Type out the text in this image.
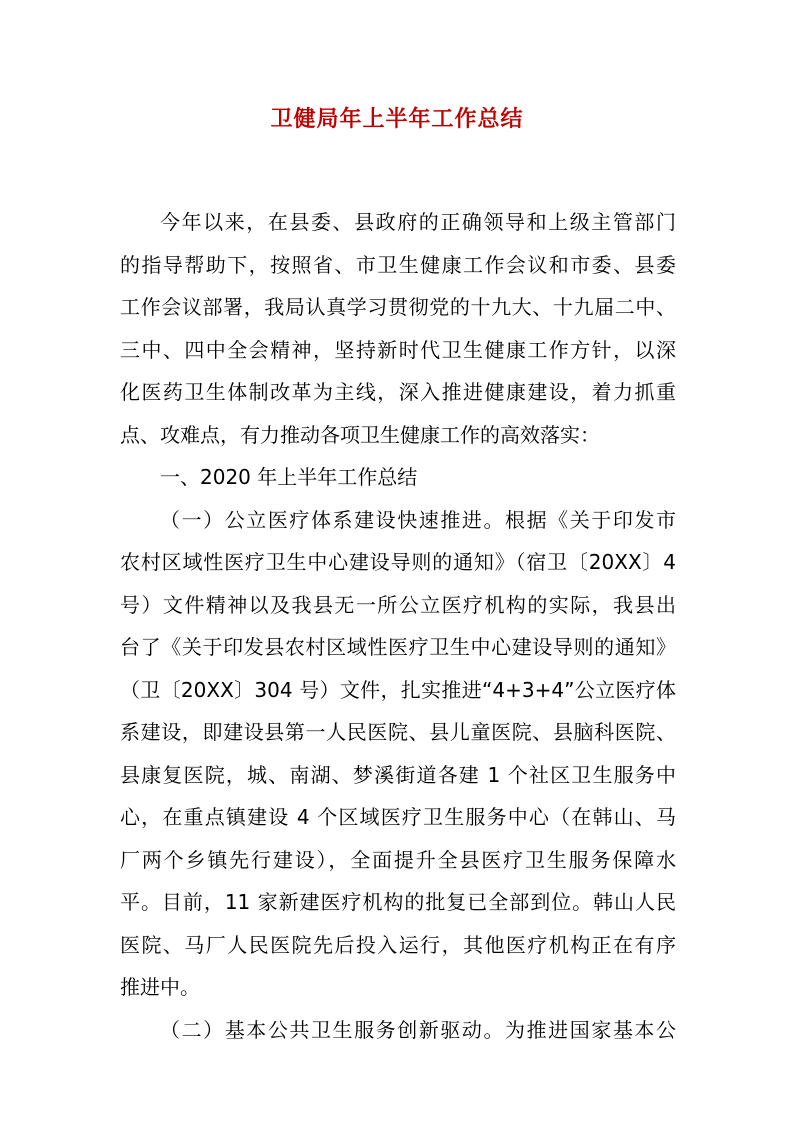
卫健局年上半年工作总结
今年以来，在县委、县政府的正确领导和上级主管部门
的指导帮助下，按照省、市卫生健康工作会议和市委、县委
工作会议部署，我局认真学习贯彻党的十九大、十九届二中、
三中、四中全会精神，坚持新时代卫生健康工作方针，以深
化医药卫生体制改革为主线，深入推进健康建设，着力抓重
点、攻难点，有力推动各项卫生健康工作的高效落实：
一、2020 年上半年工作总结
（一）公立医疗体系建设快速推进。根据《关于印发市
农村区域性医疗卫生中心建设导则的通知》（宿卫〔20XX〕4
号）文件精神以及我县无一所公立医疗机构的实际，我县出
台了《关于印发县农村区域性医疗卫生中心建设导则的通知》
（卫〔20XX〕304 号）文件，扎实推进“4+3+4”公立医疗体
系建设，即建设县第一人民医院、县儿童医院、县脑科医院、
县康复医院，城、南湖、梦溪街道各建 1 个社区卫生服务中
心，在重点镇建设 4 个区域医疗卫生服务中心（在韩山、马
厂两个乡镇先行建设），全面提升全县医疗卫生服务保障水
平。目前，11 家新建医疗机构的批复已全部到位。韩山人民
医院、马厂人民医院先后投入运行，其他医疗机构正在有序
推进中。
（二）基本公共卫生服务创新驱动。为推进国家基本公
